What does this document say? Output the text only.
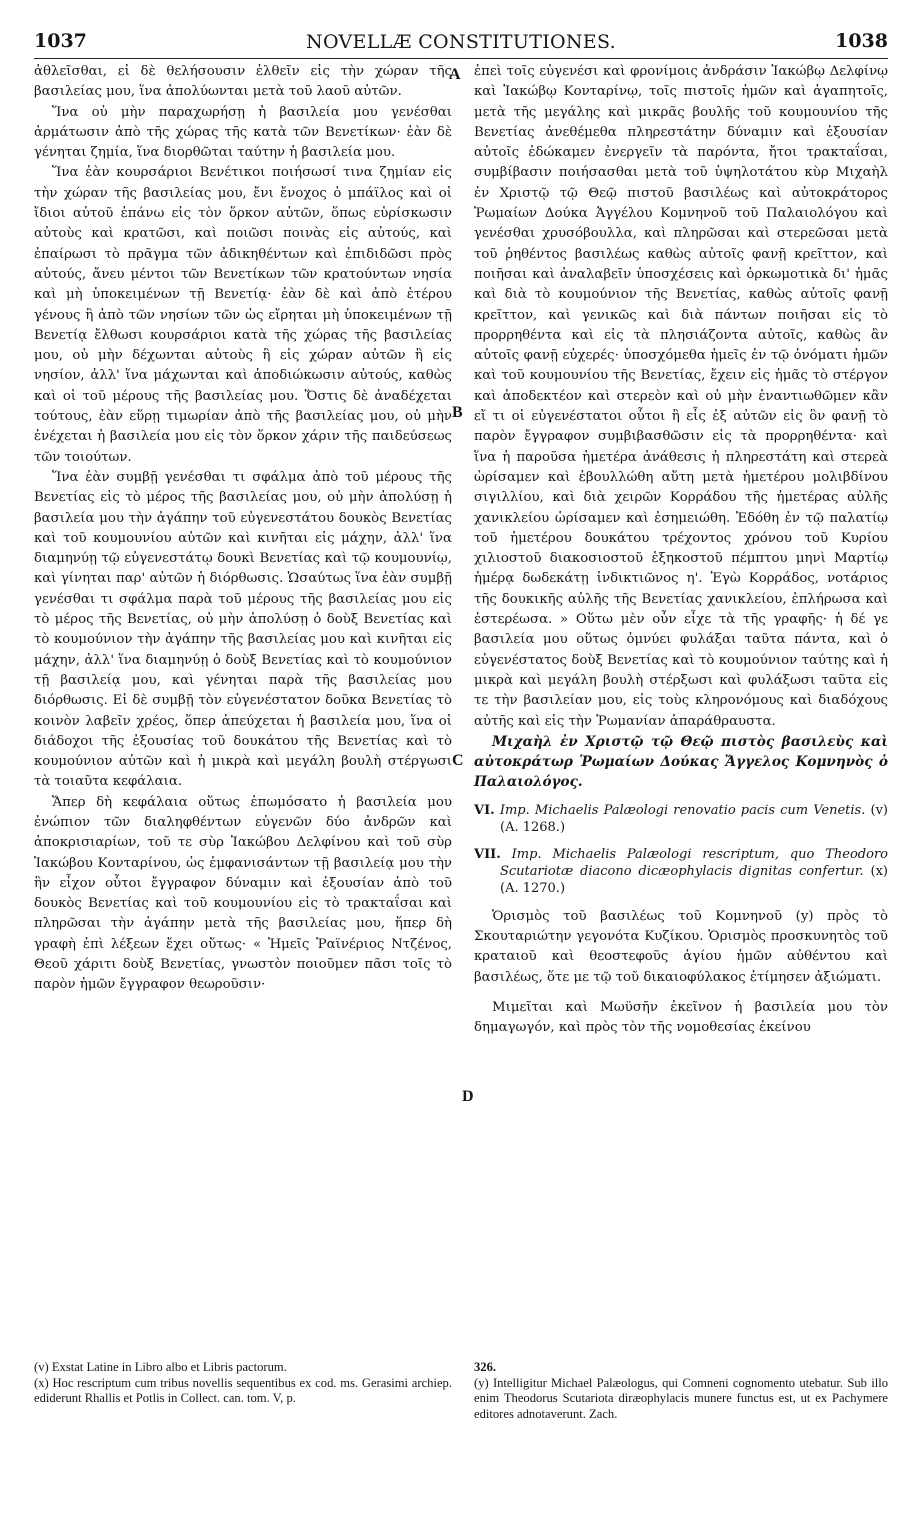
1037	NOVELLÆ CONSTITUTIONES.	1038
A
B
C
D

ἀθλεῖσθαι, εἰ δὲ θελήσουσιν ἐλθεῖν εἰς τὴν χώραν τῆς βασιλείας μου, ἵνα ἀπολύωνται μετὰ τοῦ λαοῦ αὐτῶν.

Ἵνα οὐ μὴν παραχωρήσῃ ἡ βασιλεία μου γενέσθαι ἁρμάτωσιν ἀπὸ τῆς χώρας τῆς κατὰ τῶν Βενετίκων· ἐὰν δὲ γένηται ζημία, ἵνα διορθῶται ταύτην ἡ βασιλεία μου.

Ἵνα ἐὰν κουρσάριοι Βενέτικοι ποιήσωσί τινα ζημίαν εἰς τὴν χώραν τῆς βασιλείας μου, ἔνι ἔνοχος ὁ μπάϊλος καὶ οἱ ἴδιοι αὐτοῦ ἐπάνω εἰς τὸν ὅρκον αὐτῶν, ὅπως εὑρίσκωσιν αὐτοὺς καὶ κρατῶσι, καὶ ποιῶσι ποινὰς εἰς αὐτούς, καὶ ἐπαίρωσι τὸ πρᾶγμα τῶν ἀδικηθέντων καὶ ἐπιδιδῶσι πρὸς αὐτούς, ἄνευ μέντοι τῶν Βενετίκων τῶν κρατούντων νησία καὶ μὴ ὑποκειμένων τῇ Βενετίᾳ· ἐὰν δὲ καὶ ἀπὸ ἑτέρου γένους ἢ ἀπὸ τῶν νησίων τῶν ὡς εἴρηται μὴ ὑποκειμένων τῇ Βενετίᾳ ἔλθωσι κουρσάριοι κατὰ τῆς χώρας τῆς βασιλείας μου, οὐ μὴν δέχωνται αὐτοὺς ἢ εἰς χώραν αὐτῶν ἢ εἰς νησίον, ἀλλ' ἵνα μάχωνται καὶ ἀποδιώκωσιν αὐτούς, καθὼς καὶ οἱ τοῦ μέρους τῆς βασιλείας μου. Ὅστις δὲ ἀναδέχεται τούτους, ἐὰν εὕρῃ τιμωρίαν ἀπὸ τῆς βασιλείας μου, οὐ μὴν ἐνέχεται ἡ βασιλεία μου εἰς τὸν ὅρκον χάριν τῆς παιδεύσεως τῶν τοιούτων.

Ἵνα ἐὰν συμβῇ γενέσθαι τι σφάλμα ἀπὸ τοῦ μέρους τῆς Βενετίας εἰς τὸ μέρος τῆς βασιλείας μου, οὐ μὴν ἀπολύσῃ ἡ βασιλεία μου τὴν ἀγάπην τοῦ εὐγενεστάτου δουκὸς Βενετίας καὶ τοῦ κουμουνίου αὐτῶν καὶ κινῆται εἰς μάχην, ἀλλ' ἵνα διαμηνύῃ τῷ εὐγενεστάτῳ δουκὶ Βενετίας καὶ τῷ κουμουνίῳ, καὶ γίνηται παρ' αὐτῶν ἡ διόρθωσις. Ὡσαύτως ἵνα ἐὰν συμβῇ γενέσθαι τι σφάλμα παρὰ τοῦ μέρους τῆς βασιλείας μου εἰς τὸ μέρος τῆς Βενετίας, οὐ μὴν ἀπολύσῃ ὁ δοὺξ Βενετίας καὶ τὸ κουμούνιον τὴν ἀγάπην τῆς βασιλείας μου καὶ κινῆται εἰς μάχην, ἀλλ' ἵνα διαμηνύῃ ὁ δοὺξ Βενετίας καὶ τὸ κουμούνιον τῇ βασιλείᾳ μου, καὶ γένηται παρὰ τῆς βασιλείας μου διόρθωσις. Εἰ δὲ συμβῇ τὸν εὐγενέστατον δοῦκα Βενετίας τὸ κοινὸν λαβεῖν χρέος, ὅπερ ἀπεύχεται ἡ βασιλεία μου, ἵνα οἱ διάδοχοι τῆς ἐξουσίας τοῦ δουκάτου τῆς Βενετίας καὶ τὸ κουμούνιον αὐτῶν καὶ ἡ μικρὰ καὶ μεγάλη βουλὴ στέργωσι τὰ τοιαῦτα κεφάλαια.

Ἅπερ δὴ κεφάλαια οὕτως ἐπωμόσατο ἡ βασιλεία μου ἐνώπιον τῶν διαληφθέντων εὐγενῶν δύο ἀνδρῶν καὶ ἀποκρισιαρίων, τοῦ τε σὺρ Ἰακώβου Δελφίνου καὶ τοῦ σὺρ Ἰακώβου Κονταρίνου, ὡς ἐμφανισάντων τῇ βασιλείᾳ μου τὴν ἣν εἶχον οὗτοι ἔγγραφον δύναμιν καὶ ἐξουσίαν ἀπὸ τοῦ δουκὸς Βενετίας καὶ τοῦ κουμουνίου εἰς τὸ τρακταΐσαι καὶ πληρῶσαι τὴν ἀγάπην μετὰ τῆς βασιλείας μου, ἥπερ δὴ γραφὴ ἐπὶ λέξεων ἔχει οὕτως· « Ἡμεῖς Ῥαϊνέριος Ντζένος, Θεοῦ χάριτι δοὺξ Βενετίας, γνωστὸν ποιοῦμεν πᾶσι τοῖς τὸ παρὸν ἡμῶν ἔγγραφον θεωροῦσιν·

ἐπεὶ τοῖς εὐγενέσι καὶ φρονίμοις ἀνδράσιν Ἰακώβῳ Δελφίνῳ καὶ Ἰακώβῳ Κονταρίνῳ, τοῖς πιστοῖς ἡμῶν καὶ ἀγαπητοῖς, μετὰ τῆς μεγάλης καὶ μικρᾶς βουλῆς τοῦ κουμουνίου τῆς Βενετίας ἀνεθέμεθα πληρεστάτην δύναμιν καὶ ἐξουσίαν αὐτοῖς ἐδώκαμεν ἐνεργεῖν τὰ παρόντα, ἤτοι τρακταΐσαι, συμβίβασιν ποιήσασθαι μετὰ τοῦ ὑψηλοτάτου κὺρ Μιχαὴλ ἐν Χριστῷ τῷ Θεῷ πιστοῦ βασιλέως καὶ αὐτοκράτορος Ῥωμαίων Δούκα Ἀγγέλου Κομνηνοῦ τοῦ Παλαιολόγου καὶ γενέσθαι χρυσόβουλλα, καὶ πληρῶσαι καὶ στερεῶσαι μετὰ τοῦ ῥηθέντος βασιλέως καθὼς αὐτοῖς φανῇ κρεῖττον, καὶ ποιῆσαι καὶ ἀναλαβεῖν ὑποσχέσεις καὶ ὁρκωμοτικὰ δι' ἡμᾶς καὶ διὰ τὸ κουμούνιον τῆς Βενετίας, καθὼς αὐτοῖς φανῇ κρεῖττον, καὶ γενικῶς καὶ διὰ πάντων ποιῆσαι εἰς τὸ προρρηθέντα καὶ εἰς τὰ πλησιάζοντα αὐτοῖς, καθὼς ἂν αὐτοῖς φανῇ εὐχερές· ὑποσχόμεθα ἡμεῖς ἐν τῷ ὀνόματι ἡμῶν καὶ τοῦ κουμουνίου τῆς Βενετίας, ἔχειν εἰς ἡμᾶς τὸ στέργον καὶ ἀποδεκτέον καὶ στερεὸν καὶ οὐ μὴν ἐναντιωθῶμεν κἂν εἴ τι οἱ εὐγενέστατοι οὗτοι ἢ εἷς ἐξ αὐτῶν εἰς ὃν φανῇ τὸ παρὸν ἔγγραφον συμβιβασθῶσιν εἰς τὰ προρρηθέντα· καὶ ἵνα ἡ παροῦσα ἡμετέρα ἀνάθεσις ἡ πληρεστάτη καὶ στερεὰ ὡρίσαμεν καὶ ἐβουλλώθη αὕτη μετὰ ἡμετέρου μολιβδίνου σιγιλλίου, καὶ διὰ χειρῶν Κορράδου τῆς ἡμετέρας αὐλῆς χανικλείου ὡρίσαμεν καὶ ἐσημειώθη. Ἐδόθη ἐν τῷ παλατίῳ τοῦ ἡμετέρου δουκάτου τρέχοντος χρόνου τοῦ Κυρίου χιλιοστοῦ διακοσιοστοῦ ἑξηκοστοῦ πέμπτου μηνὶ Μαρτίῳ ἡμέρᾳ δωδεκάτῃ ἰνδικτιῶνος η'. Ἐγὼ Κορράδος, νοτάριος τῆς δουκικῆς αὐλῆς τῆς Βενετίας χανικλείου, ἐπλήρωσα καὶ ἐστερέωσα. » Οὕτω μὲν οὖν εἶχε τὰ τῆς γραφῆς· ἡ δέ γε βασιλεία μου οὕτως ὀμνύει φυλάξαι ταῦτα πάντα, καὶ ὁ εὐγενέστατος δοὺξ Βενετίας καὶ τὸ κουμούνιον ταύτης καὶ ἡ μικρὰ καὶ μεγάλη βουλὴ στέρξωσι καὶ φυλάξωσι ταῦτα εἰς τε τὴν βασιλείαν μου, εἰς τοὺς κληρονόμους καὶ διαδόχους αὐτῆς καὶ εἰς τὴν Ῥωμανίαν ἀπαράθραυστα.

Μιχαὴλ ἐν Χριστῷ τῷ Θεῷ πιστὸς βασιλεὺς καὶ αὐτοκράτωρ Ῥωμαίων Δούκας Ἄγγελος Κομνηνὸς ὁ Παλαιολόγος.

VI. Imp. Michaelis Palæologi renovatio pacis cum Venetis. (v) (A. 1268.)

VII. Imp. Michaelis Palæologi rescriptum, quo Theodoro Scutariotæ diacono dicæophylacis dignitas confertur. (x) (A. 1270.)

Ὁρισμὸς τοῦ βασιλέως τοῦ Κομνηνοῦ (y) πρὸς τὸ Σκουταριώτην γεγονότα Κυζίκου. Ὁρισμὸς προσκυνητὸς τοῦ κραταιοῦ καὶ θεοστεφοῦς ἁγίου ἡμῶν αὐθέντου καὶ βασιλέως, ὅτε με τῷ τοῦ δικαιοφύλακος ἐτίμησεν ἀξιώματι.

Μιμεῖται καὶ Μωϋσῆν ἐκεῖνον ἡ βασιλεία μου τὸν δημαγωγόν, καὶ πρὸς τὸν τῆς νομοθεσίας ἐκείνου

(v) Exstat Latine in Libro albo et Libris pactorum.

(x) Hoc rescriptum cum tribus novellis sequentibus ex cod. ms. Gerasimi archiep. ediderunt Rhallis et Potlis in Collect. can. tom. V, p.

326.

(y) Intelligitur Michael Palæologus, qui Comneni cognomento utebatur. Sub illo enim Theodorus Scutariota diræophylacis munere functus est, ut ex Pachymere editores adnotaverunt. Zach.
